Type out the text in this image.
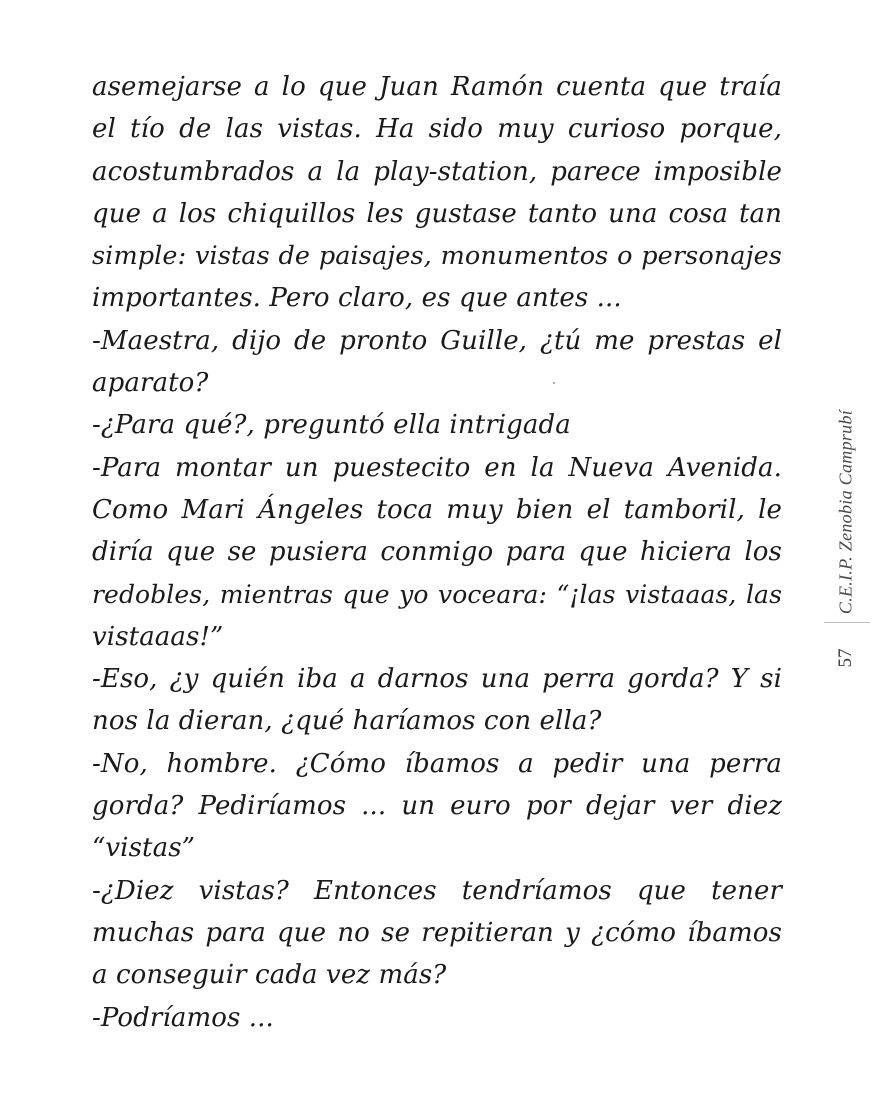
asemejarse a lo que Juan Ramón cuenta que traía
el tío de las vistas. Ha sido muy curioso porque,
acostumbrados a la play-station, parece imposible
que a los chiquillos les gustase tanto una cosa tan
simple: vistas de paisajes, monumentos o personajes
importantes. Pero claro, es que antes ...
-Maestra, dijo de pronto Guille, ¿tú me prestas el
aparato?
-¿Para qué?, preguntó ella intrigada
-Para montar un puestecito en la Nueva Avenida.
Como Mari Ángeles toca muy bien el tamboril, le
diría que se pusiera conmigo para que hiciera los
redobles, mientras que yo voceara: “¡las vistaaas, las
vistaaas!”
-Eso, ¿y quién iba a darnos una perra gorda? Y si
nos la dieran, ¿qué haríamos con ella?
-No, hombre. ¿Cómo íbamos a pedir una perra
gorda? Pediríamos ... un euro por dejar ver diez
“vistas”
-¿Diez vistas? Entonces tendríamos que tener
muchas para que no se repitieran y ¿cómo íbamos
a conseguir cada vez más?
-Podríamos ...
C.E.I.P. Zenobia Camprubí
57
